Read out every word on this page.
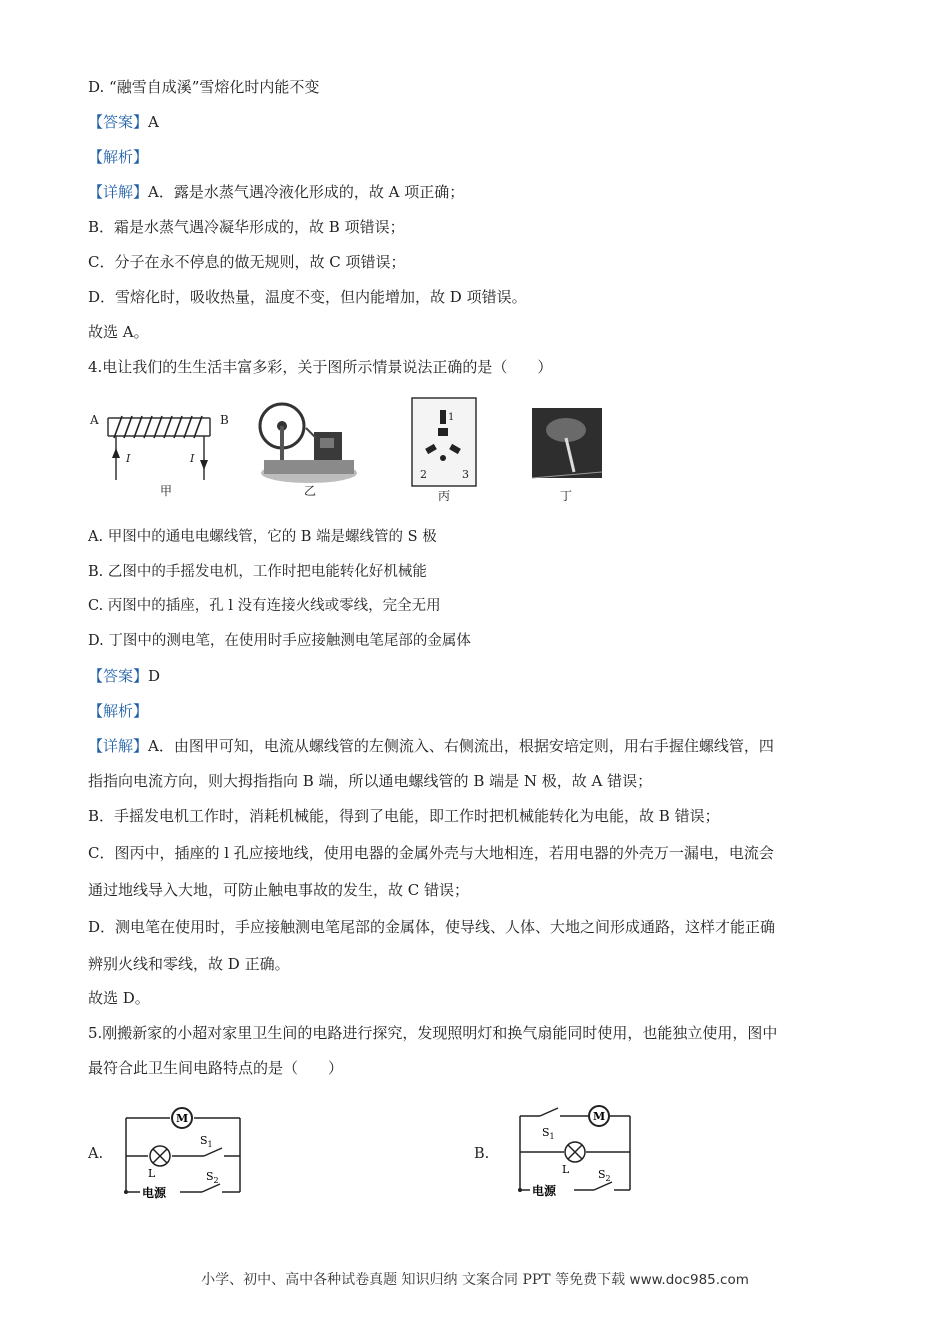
D. “融雪自成溪”雪熔化时内能不变
【答案】A
【解析】
【详解】A．露是水蒸气遇冷液化形成的，故 A 项正确；
B．霜是水蒸气遇冷凝华形成的，故 B 项错误；
C．分子在永不停息的做无规则，故 C 项错误；
D．雪熔化时，吸收热量，温度不变，但内能增加，故 D 项错误。
故选 A。
4.电让我们的生生活丰富多彩，关于图所示情景说法正确的是（　　）
A. 甲图中的通电电螺线管，它的 B 端是螺线管的 S 极
B. 乙图中的手摇发电机，工作时把电能转化好机械能
C. 丙图中的插座，孔 l 没有连接火线或零线，完全无用
D. 丁图中的测电笔，在使用时手应接触测电笔尾部的金属体
【答案】D
【解析】
【详解】A．由图甲可知，电流从螺线管的左侧流入、右侧流出，根据安培定则，用右手握住螺线管，四
指指向电流方向，则大拇指指向 B 端，所以通电螺线管的 B 端是 N 极，故 A 错误；
B．手摇发电机工作时，消耗机械能，得到了电能，即工作时把机械能转化为电能，故 B 错误；
C．图丙中，插座的 l 孔应接地线，使用电器的金属外壳与大地相连，若用电器的外壳万一漏电，电流会
通过地线导入大地，可防止触电事故的发生，故 C 错误；
D．测电笔在使用时，手应接触测电笔尾部的金属体，使导线、人体、大地之间形成通路，这样才能正确
辨别火线和零线，故 D 正确。
故选 D。
5.刚搬新家的小超对家里卫生间的电路进行探究，发现照明灯和换气扇能同时使用，也能独立使用，图中
最符合此卫生间电路特点的是（　　）
A	B
I	I
甲	乙
1
2	3
丙	丁
A.
M
L
$S_1$
$S_2$
电源
B.
M
$S_1$
L	$S_2$
电源
小学、初中、高中各种试卷真题 知识归纳 文案合同 PPT 等免费下载 www.doc985.com
